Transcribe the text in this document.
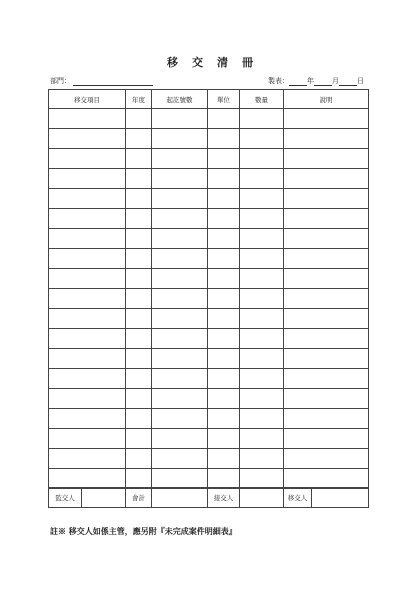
移 交 清 冊
部門：	製表：	年	月	日
移交項目	年度	起訖號數	單位	數量	說明

監交人		會計		接交人		移交人	
註※ 移交人如係主管，應另附『未完成案件明細表』
